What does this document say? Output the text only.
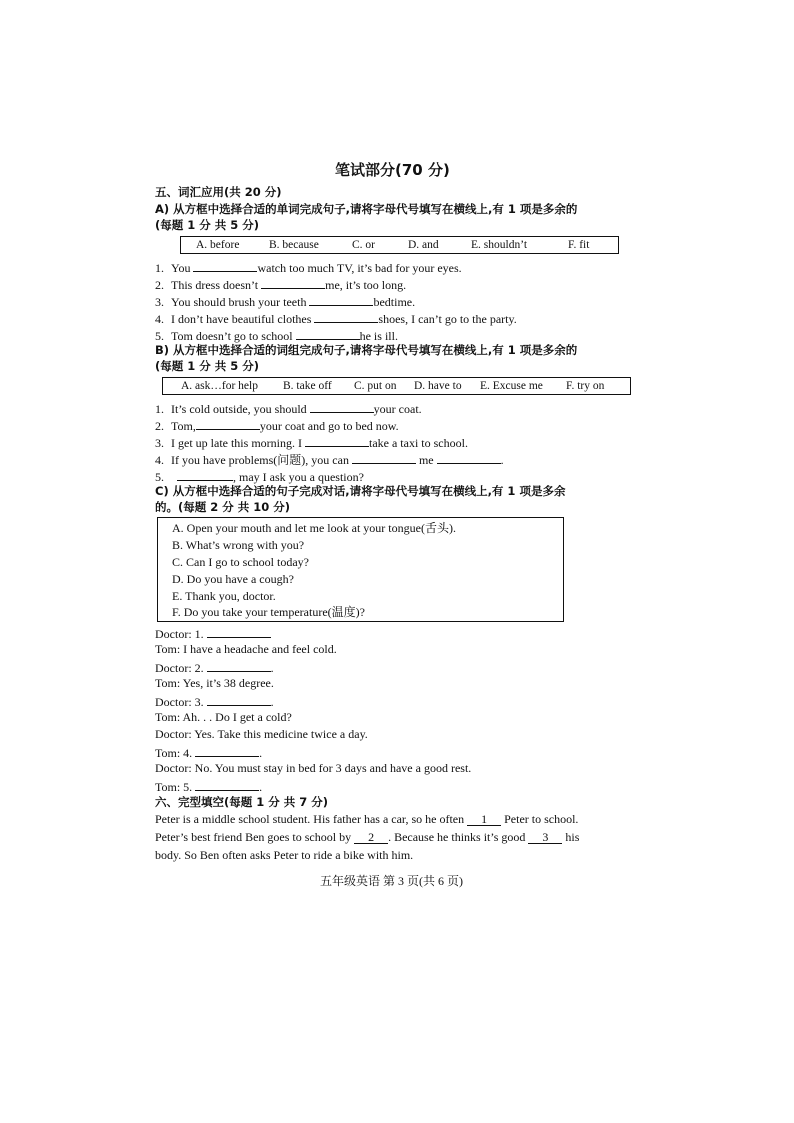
笔试部分(70 分)
五、词汇应用(共 20 分)
A) 从方框中选择合适的单词完成句子,请将字母代号填写在横线上,有 1 项是多余的
(每题 1 分 共 5 分)
A. before	B. because	C. or	D. and	E. shouldn’t	F. fit
1. You	watch too much TV, it’s bad for your eyes.
2. This dress doesn’t	me, it’s too long.
3. You should brush your teeth	bedtime.
4. I don’t have beautiful clothes	shoes, I can’t go to the party.
5. Tom doesn’t go to school	he is ill.
B) 从方框中选择合适的词组完成句子,请将字母代号填写在横线上,有 1 项是多余的
(每题 1 分 共 5 分)
A. ask…for help B. take off C. put on D. have to E. Excuse me F. try on
1. It’s cold outside, you should	your coat.
2. Tom,	your coat and go to bed now.
3. I get up late this morning. I	take a taxi to school.
4. If you have problems(问题), you can	me	.
5.	, may I ask you a question?
C) 从方框中选择合适的句子完成对话,请将字母代号填写在横线上,有 1 项是多余
的。(每题 2 分 共 10 分)
A. Open your mouth and let me look at your tongue(舌头).
B. What’s wrong with you?
C. Can I go to school today?
D. Do you have a cough?
E. Thank you, doctor.
F. Do you take your temperature(温度)?
Doctor: 1.
Tom: I have a headache and feel cold.
Doctor: 2.	.
Tom: Yes, it’s 38 degree.
Doctor: 3.	.
Tom: Ah. . . Do I get a cold?
Doctor: Yes. Take this medicine twice a day.
Tom: 4.	.
Doctor: No. You must stay in bed for 3 days and have a good rest.
Tom: 5.	.
六、完型填空(每题 1 分 共 7 分)
Peter is a middle school student. His father has a car, so he often 1 Peter to school.
Peter’s best friend Ben goes to school by 2 . Because he thinks it’s good 3 his
body. So Ben often asks Peter to ride a bike with him.
五年级英语 第 3 页(共 6 页)
